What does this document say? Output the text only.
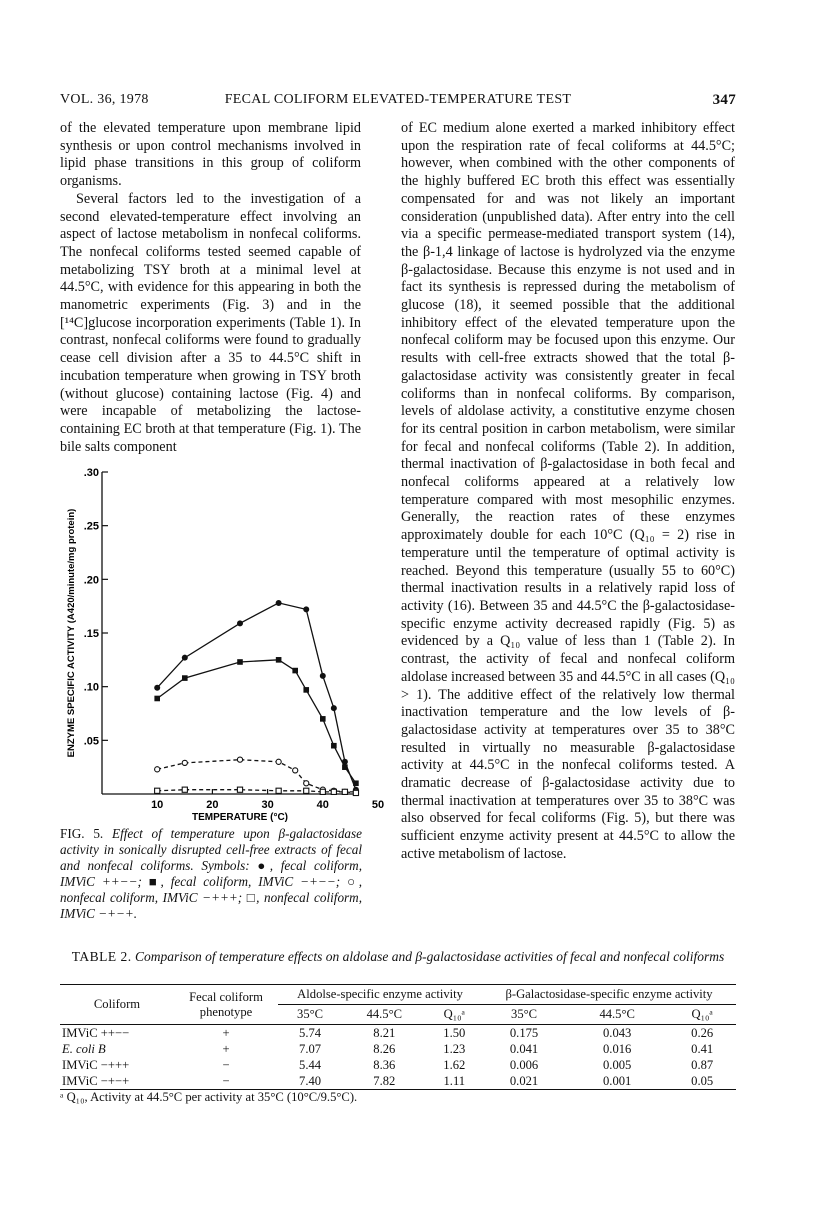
VOL. 36, 1978	FECAL COLIFORM ELEVATED-TEMPERATURE TEST	347

of the elevated temperature upon membrane lipid synthesis or upon control mechanisms involved in lipid phase transitions in this group of coliform organisms.

Several factors led to the investigation of a second elevated-temperature effect involving an aspect of lactose metabolism in nonfecal coliforms. The nonfecal coliforms tested seemed capable of metabolizing TSY broth at a minimal level at 44.5°C, with evidence for this appearing in both the manometric experiments (Fig. 3) and in the [¹⁴C]glucose incorporation experiments (Table 1). In contrast, nonfecal coliforms were found to gradually cease cell division after a 35 to 44.5°C shift in incubation temperature when growing in TSY broth (without glucose) containing lactose (Fig. 4) and were incapable of metabolizing the lactose-containing EC broth at that temperature (Fig. 1). The bile salts component

of EC medium alone exerted a marked inhibitory effect upon the respiration rate of fecal coliforms at 44.5°C; however, when combined with the other components of the highly buffered EC broth this effect was essentially compensated for and was not likely an important consideration (unpublished data). After entry into the cell via a specific permease-mediated transport system (14), the β-1,4 linkage of lactose is hydrolyzed via the enzyme β-galactosidase. Because this enzyme is not used and in fact its synthesis is repressed during the metabolism of glucose (18), it seemed possible that the additional inhibitory effect of the elevated temperature upon the nonfecal coliform may be focused upon this enzyme. Our results with cell-free extracts showed that the total β-galactosidase activity was consistently greater in fecal coliforms than in nonfecal coliforms. By comparison, levels of aldolase activity, a constitutive enzyme chosen for its central position in carbon metabolism, were similar for fecal and nonfecal coliforms (Table 2). In addition, thermal inactivation of β-galactosidase in both fecal and nonfecal coliforms appeared at a relatively low temperature compared with most mesophilic enzymes. Generally, the reaction rates of these enzymes approximately double for each 10°C (Q₁₀ = 2) rise in temperature until the temperature of optimal activity is reached. Beyond this temperature (usually 55 to 60°C) thermal inactivation results in a relatively rapid loss of activity (16). Between 35 and 44.5°C the β-galactosidase-specific enzyme activity decreased rapidly (Fig. 5) as evidenced by a Q₁₀ value of less than 1 (Table 2). In contrast, the activity of fecal and nonfecal coliform aldolase increased between 35 and 44.5°C in all cases (Q₁₀ > 1). The additive effect of the relatively low thermal inactivation temperature and the low levels of β-galactosidase activity at temperatures over 35 to 38°C resulted in virtually no measurable β-galactosidase activity at 44.5°C in the nonfecal coliforms tested. A dramatic decrease of β-galactosidase activity due to thermal inactivation at temperatures over 35 to 38°C was also observed for fecal coliforms (Fig. 5), but there was sufficient enzyme activity present at 44.5°C to allow the active metabolism of lactose.

.05
.10
.15
.20
.25
.30
10	20	30	40	50
TEMPERATURE (°C)
ENZYME SPECIFIC ACTIVITY (A420/minute/mg protein)
FIG. 5. Effect of temperature upon β-galactosidase activity in sonically disrupted cell-free extracts of fecal and nonfecal coliforms. Symbols: ●, fecal coliform, IMViC ++−−; ■, fecal coliform, IMViC −+−−; ○, nonfecal coliform, IMViC −+++; □, nonfecal coliform, IMViC −+−+.
TABLE 2. Comparison of temperature effects on aldolase and β-galactosidase activities of fecal and nonfecal coliforms
Coliform	Fecal coliform phenotype	Aldolse-specific enzyme activity			β-Galactosidase-specific enzyme activity		
		35°C	44.5°C	Q₁₀ᵃ	35°C	44.5°C	Q₁₀ᵃ
IMViC ++−−	+	5.74	8.21	1.50	0.175	0.043	0.26
E. coli B	+	7.07	8.26	1.23	0.041	0.016	0.41
IMViC −+++	−	5.44	8.36	1.62	0.006	0.005	0.87
IMViC −+−+	−	7.40	7.82	1.11	0.021	0.001	0.05
ᵃ Q₁₀, Activity at 44.5°C per activity at 35°C (10°C/9.5°C).
